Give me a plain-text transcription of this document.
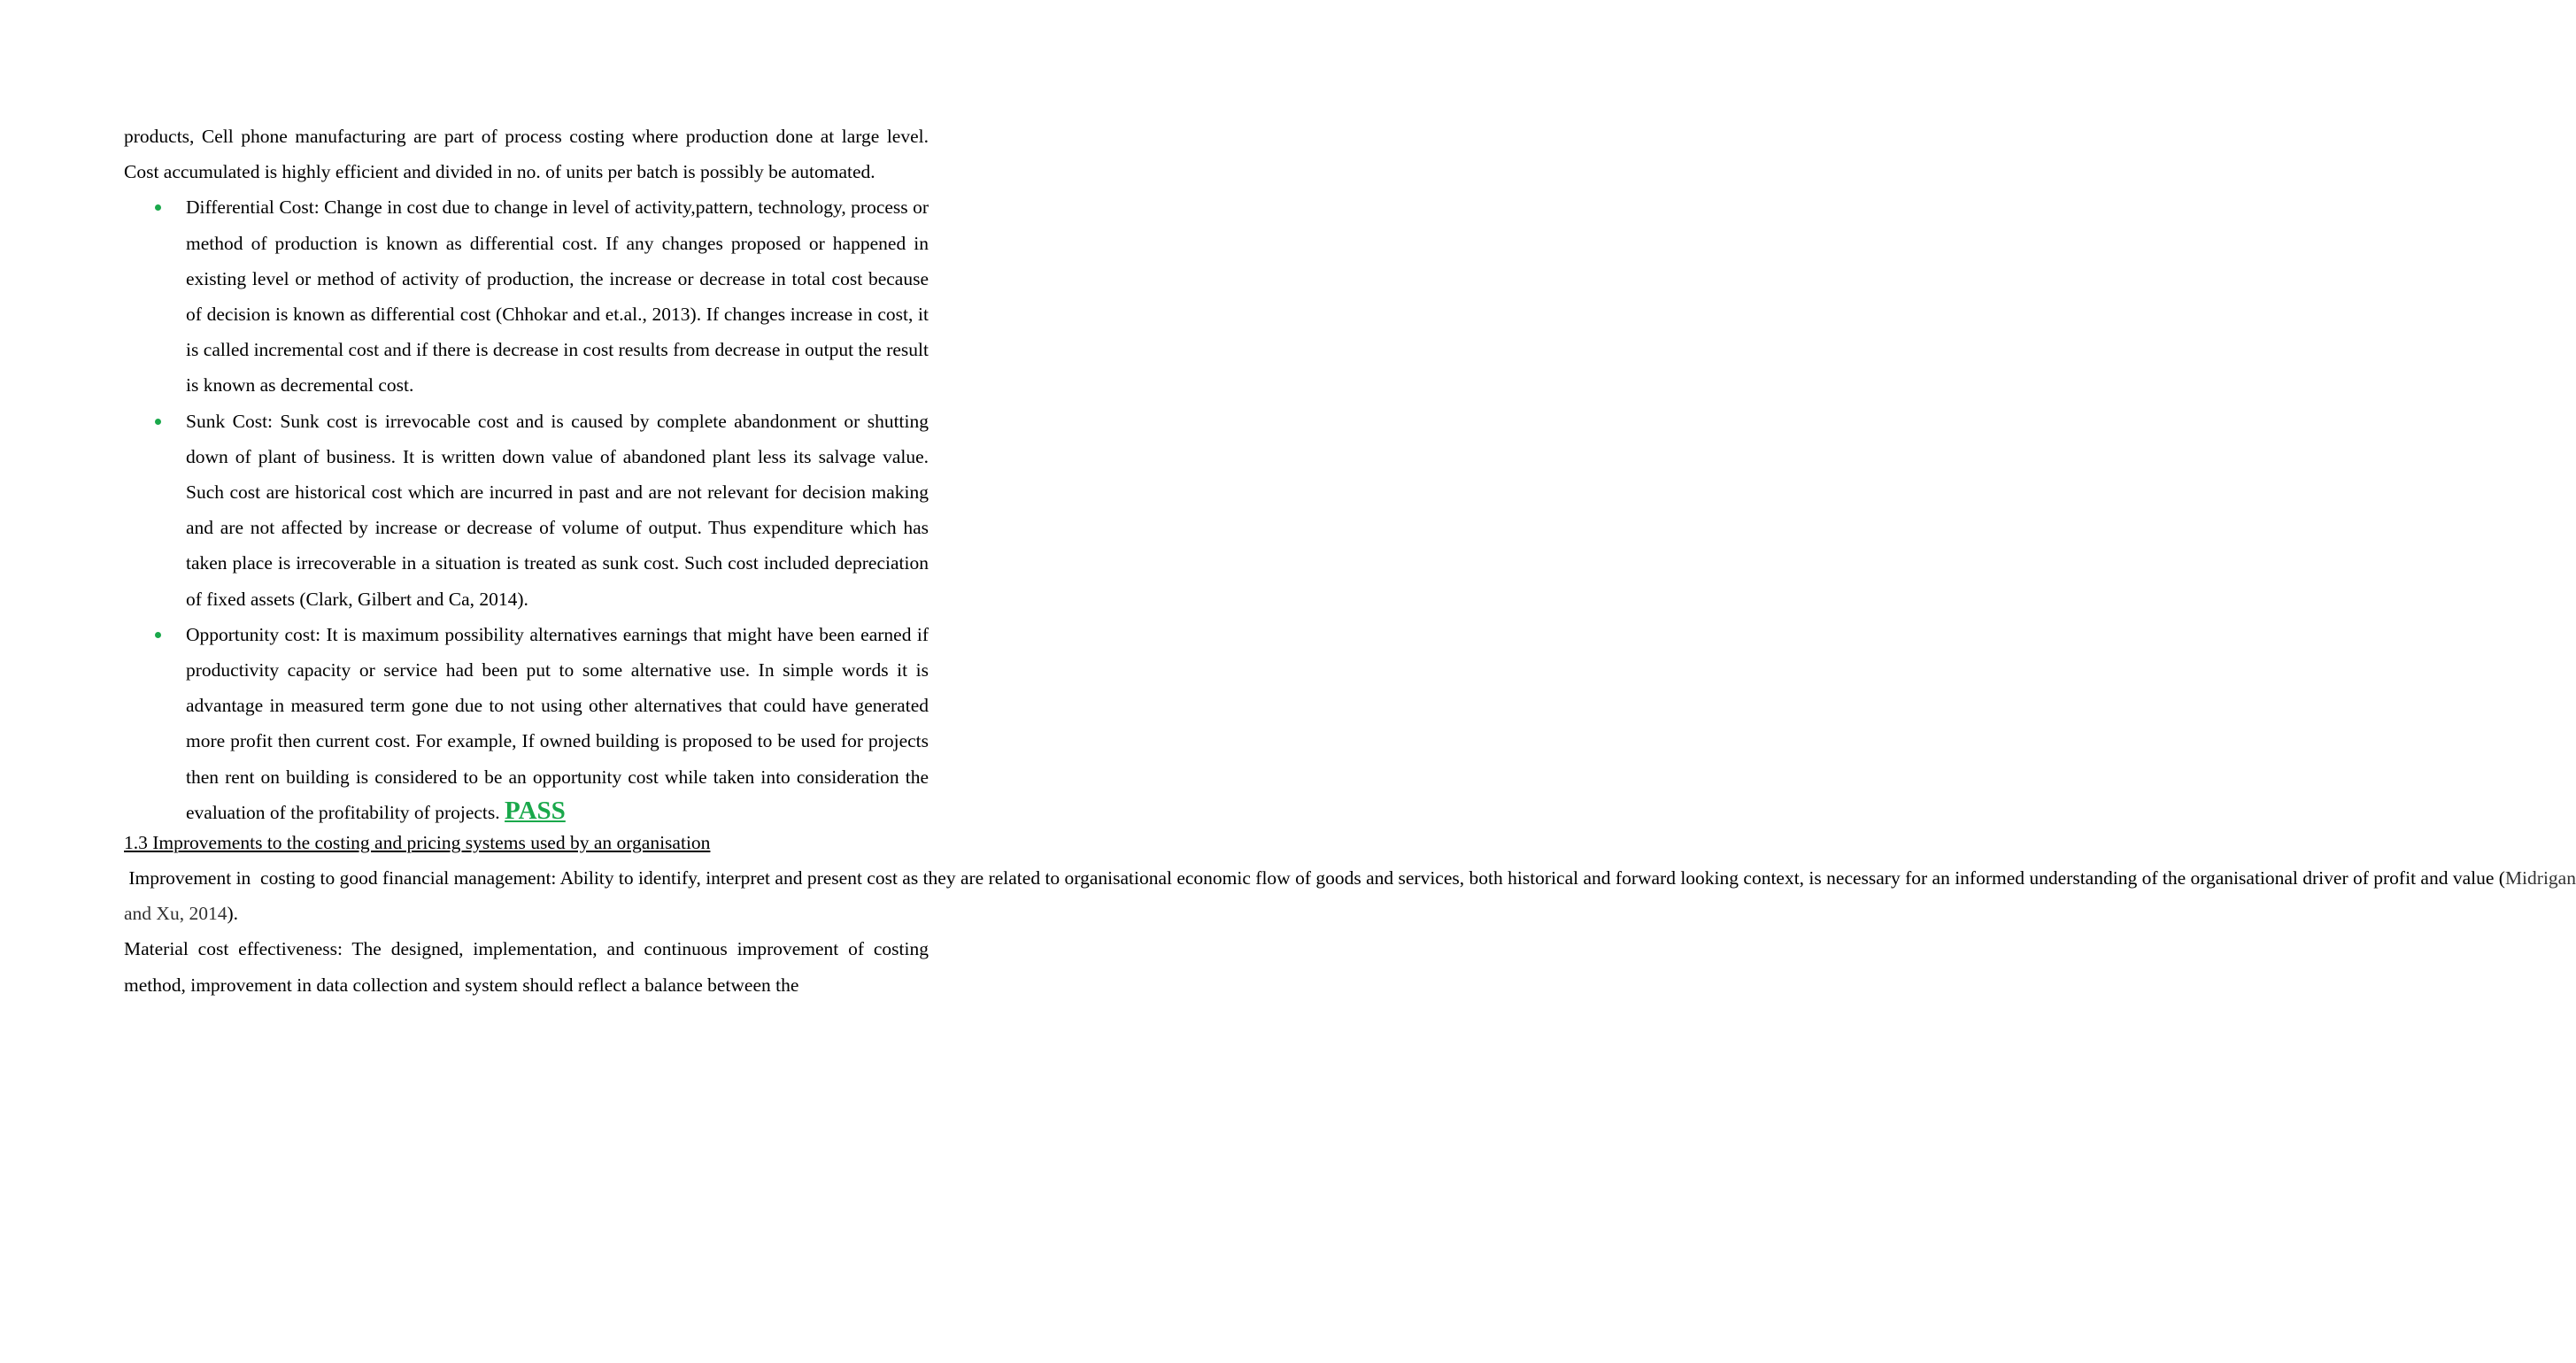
products, Cell phone manufacturing are part of process costing where production done at large level. Cost accumulated is highly efficient and divided in no. of units per batch is possibly be automated.

Differential Cost: Change in cost due to change in level of activity,pattern, technology, process or method of production is known as differential cost. If any changes proposed or happened in existing level or method of activity of production, the increase or decrease in total cost because of decision is known as differential cost (Chhokar and et.al., 2013). If changes increase in cost, it is called incremental cost and if there is decrease in cost results from decrease in output the result is known as decremental cost.
Sunk Cost: Sunk cost is irrevocable cost and is caused by complete abandonment or shutting down of plant of business. It is written down value of abandoned plant less its salvage value. Such cost are historical cost which are incurred in past and are not relevant for decision making and are not affected by increase or decrease of volume of output. Thus expenditure which has taken place is irrecoverable in a situation is treated as sunk cost. Such cost included depreciation of fixed assets (Clark, Gilbert and Ca, 2014).
Opportunity cost: It is maximum possibility alternatives earnings that might have been earned if productivity capacity or service had been put to some alternative use. In simple words it is advantage in measured term gone due to not using other alternatives that could have generated more profit then current cost. For example, If owned building is proposed to be used for projects then rent on building is considered to be an opportunity cost while taken into consideration the evaluation of the profitability of projects. PASS

1.3 Improvements to the costing and pricing systems used by an organisation

Improvement in  costing to good financial management: Ability to identify, interpret and present cost as they are related to organisational economic flow of goods and services, both historical and forward looking context, is necessary for an informed understanding of the organisational driver of profit and value (Midrigan and Xu, 2014).

Material cost effectiveness: The designed, implementation, and continuous improvement of costing method, improvement in data collection and system should reflect a balance between the
